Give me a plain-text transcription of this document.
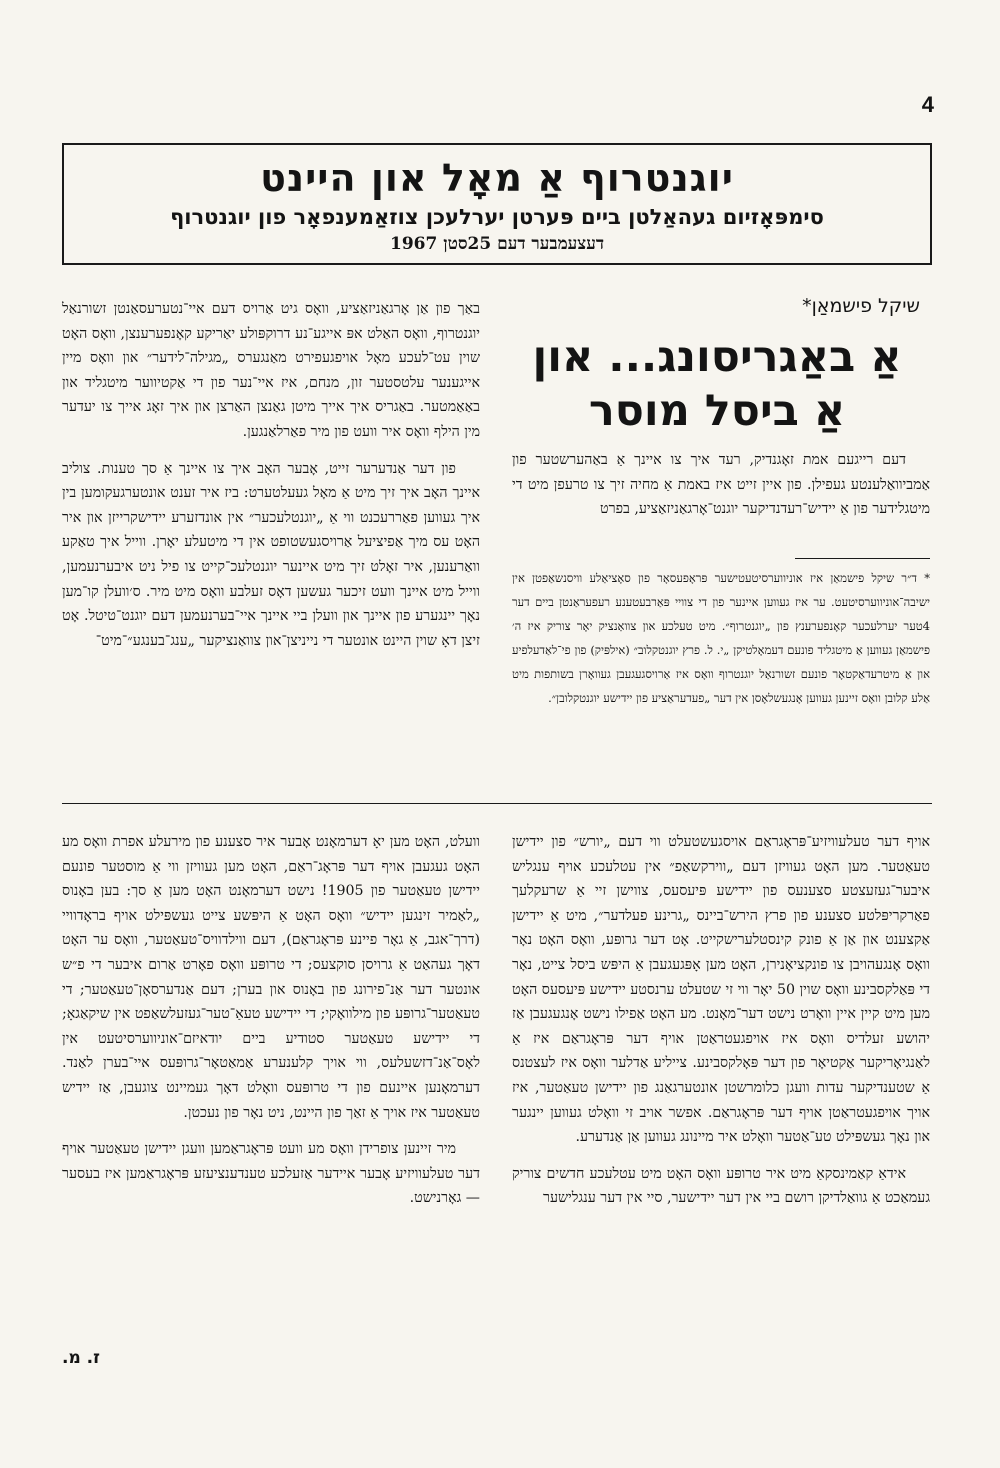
4
יוגנטרוף אַ מאָל און היינט
סימפּאָזיום געהאַלטן ביים פּערטן יערלעכן צוזאַמענפאָר פון יוגנטרוף
דעצעמבער דעם 25סטן 1967
שיקל פישמאַן*
אַ באַגריסונג... און
אַ ביסל מוסר

דעם רייגעם אמת זאָגנדיק, רעד איך צו איינך אַ באַהערשטער פון אַמביוואַלענטע געפילן. פון איין זייט איז באמת אַ מחיה זיך צו טרעפן מיט די מיטגלידער פון אַ יידיש־רעדנדיקער יוגנט־אָרגאַניזאַציע, בפרט

* ד״ר שיקל פישמאַן איז אוניווערסיטעטישער פּראָפעסאָר פון סאָציאַלע וויסנשאַפטן אין ישיבה־אוניווערסיטעט. ער איז געווען איינער פון די צוויי פּאַרבעטענע רעפעראַנטן ביים דער 4טער יערלעכער קאָנפערענץ פון „יוגנטרוף״. מיט טעלכע און צוואַנציק יאָר צוריק איז ה׳ פישמאַן געווען אַ מיטגליד פונעם דעמאָלטיקן „י. ל. פרץ יוגנטקלוב״ (אילפּיק) פון פי־לאַדעלפיע און אַ מיטרעדאַקטאָר פונעם זשורנאַל יוגנטרוף וואָס איז אַרויסגעגעבן געוואָרן בשותפות מיט אַלע קלובן וואָס זיינען געווען אָנגעשלאָסן אין דער „פעדעראַציע פון יידישע יוגנטקלובן״.

באַך פון אַן אָרגאַניזאַציע, וואָס גיט אַרויס דעם איי־נטערעסאַנטן זשורנאַל יוגנטרוף, וואָס האַלט אפּ אייגע־נע דרוקפּולע יאַריקע קאָנפערענצן, וואָס האָט שוין עט־לעכע מאָל אויפגעפירט מאַנגערס „מגילה־לידער״ און וואָס מיין אייגענער עלטסטער זון, מנחם, איז איי־נער פון די אַקטיווער מיטגליד און באַאַמטער. באַגריס איך אייך מיטן גאַנצן האַרצן און איך זאָג אייך צו יעדער מין הילף וואָס איר וועט פון מיר פאַרלאַנגען.

פון דער אַנדערער זייט, אָבער האָב איך צו איינך אַ סך טענות. צוליב איינך האָב איך זיך מיט אַ מאָל געעלטערט: ביז איר זענט אונטערגעקומען בין איך געווען פאַררעכנט ווי אַ „יוגנטלעכער״ אין אונדזערע יידישקרייזן און איר האָט עס מיך אַפיציעל אַרויסגעשטופט אין די מיטעלע יאָרן. ווייל איך טאַקע וואַרענען, איר זאָלט זיך מיט איינער יוגנטלעכ־קייט צו פיל ניט איבערנעמען, ווייל מיט איינך וועט זיכער געשען דאָס זעלבע וואָס מיט מיר. ס׳וועלן קו־מען נאָך יינגערע פון איינך און וועלן ביי איינך איי־בערנעמען דעם יוגנט־טיטל. אָט זיצן דאָ שוין היינט אונטער די נייניצן־און צוואַנציקער „ענג־בענגע״־מיט־

אויף דער טעלעוויזיע־פּראָגראַם אויסגעשטעלט ווי דעם „יורש״ פון יידישן טעאַטער. מען האָט געוויזן דעם „ווירקשאַפ״ אין עטלעכע אויף ענגליש איבער־געזעצטע סצענעס פון יידישע פּיעסעס, צווישן זיי אַ שרעקלעך פאַרקריפּלטע סצענע פון פרץ הירש־ביינס „גרינע פעלדער״, מיט אַ יידישן אַקצענט און אַן אַ פונק קינסטלערישקייט. אָט דער גרופּע, וואָס האָט נאָר וואָס אָנגעהויבן צו פונקציאָנירן, האָט מען אָפּגעגעבן אַ היפּש ביסל צייט, נאָר די פּאַלקסבינע וואָס שוין 50 יאָר ווי זי שטעלט ערנסטע יידישע פּיעסעס האָט מען מיט קיין איין וואָרט נישט דער־מאָנט. מע האָט אַפילו נישט אָנגעגעבן אַז יהושע זעלדיס וואָס איז אויפגעטראַטן אויף דער פּראָגראַם איז אַ לאַנגיאָריקער אַקטיאָר פון דער פּאָלקסבינע. צייליע אַדלער וואָס איז לעצטנס אַ שטענדיקער עדות וועגן כלומרשטן אונטערגאַנג פון יידישן טעאַטער, איז אויך אויפגעטראַטן אויף דער פּראָגראַם. אפשר אויב זי וואָלט געווען יינגער און נאָך געשפּילט טע־אַטער וואָלט איר מיינונג געווען אַן אַנדערע.

אידאַ קאַמינסקאַ מיט איר טרופּע וואָס האָט מיט עטלעכע חדשים צוריק געמאַכט אַ גוואַלדיקן רושם ביי אין דער יידישער, סיי אין דער ענגלישער

וועלט, האָט מען יאָ דערמאָנט אָבער איר סצענע פון מירעלע אפרת וואָס מע האָט געגעבן אויף דער פּראָג־ראַם, האָט מען געוויזן ווי אַ מוסטער פונעם יידישן טעאַטער פון 1905! נישט דערמאָנט האָט מען אַ סך: בען באָנוס „לאַמיר זינגען יידיש״ וואָס האָט אַ היפּשע צייט געשפּילט אויף בראָדוויי (דרך־אגב, אַ גאָר פיינע פּראָגראַם), דעם ווילדוויס־טעאַטער, וואָס ער האָט דאָך געהאַט אַ גרויסן סוקצעס; די טרופּע וואָס פאָרט אַרום איבער די פ״ש אונטער דער אַנ־פירונג פון באָנוס און בערן; דעם אַנדערסאָן־טעאַטער; די טעאַטער־גרופּע פון מילוואָקי; די יידישע טעאַ־טער־געזעלשאַפט אין שיקאַגאָ; די יידישע טעאַטער סטודיע ביים יודאיזם־אוניווערסיטעט אין לאָס־אַנ־דזשעלעס, ווי אויך קלענערע אַמאַטאָר־גרופּעס איי־בערן לאַנד. דערמאָנען איינעם פון די טרופּעס וואָלט דאָך געמיינט צוגעבן, אַז יידיש טעאַטער איז אויך אַ זאַך פון היינט, ניט נאָר פון נעכטן.

מיר זיינען צופרידן וואָס מע וועט פּראָגראַמען וועגן יידישן טעאַטער אויף דער טעלעוויזיע אָבער איידער אַזעלכע טענדענציעזע פּראָגראַמען איז בעסער — גאָרנישט.

ז. מ.
